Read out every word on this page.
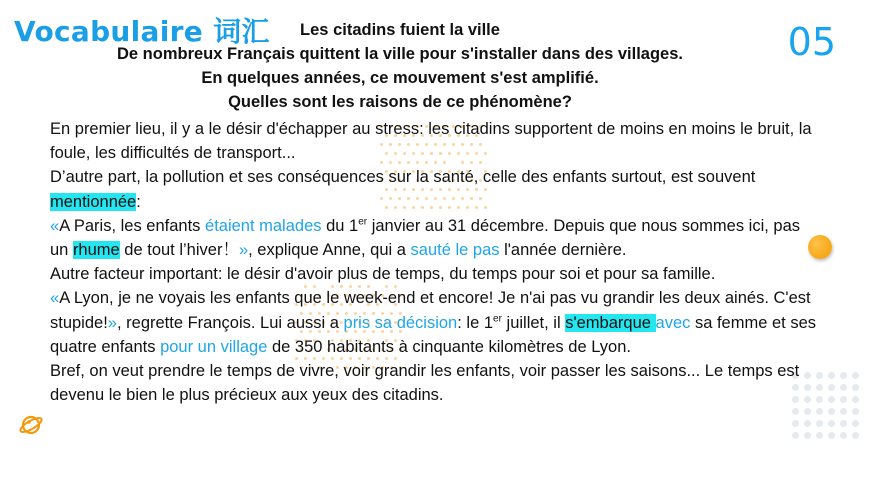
Vocabulaire 词汇	05
Les citadins fuient la ville
De nombreux Français quittent la ville pour s'installer dans des villages.
En quelques années, ce mouvement s'est amplifié.
Quelles sont les raisons de ce phénomène?

En premier lieu, il y a le désir d'échapper au stress: les citadins supportent de moins en moins le bruit, la foule, les difficultés de transport...

D’autre part, la pollution et ses conséquences sur la santé, celle des enfants surtout, est souvent mentionnée:

«A Paris, les enfants étaient malades du 1er janvier au 31 décembre. Depuis que nous sommes ici, pas un rhume de tout l’hiver！», explique Anne, qui a sauté le pas l'année dernière.

Autre facteur important: le désir d'avoir plus de temps, du temps pour soi et pour sa famille.

«A Lyon, je ne voyais les enfants que le week-end et encore! Je n'ai pas vu grandir les deux ainés. C'est stupide!», regrette François. Lui aussi a pris sa décision: le 1er juillet, il s'embarque avec sa femme et ses quatre enfants pour un village de 350 habitants à cinquante kilomètres de Lyon.

Bref, on veut prendre le temps de vivre, voir grandir les enfants, voir passer les saisons... Le temps est devenu le bien le plus précieux aux yeux des citadins.
